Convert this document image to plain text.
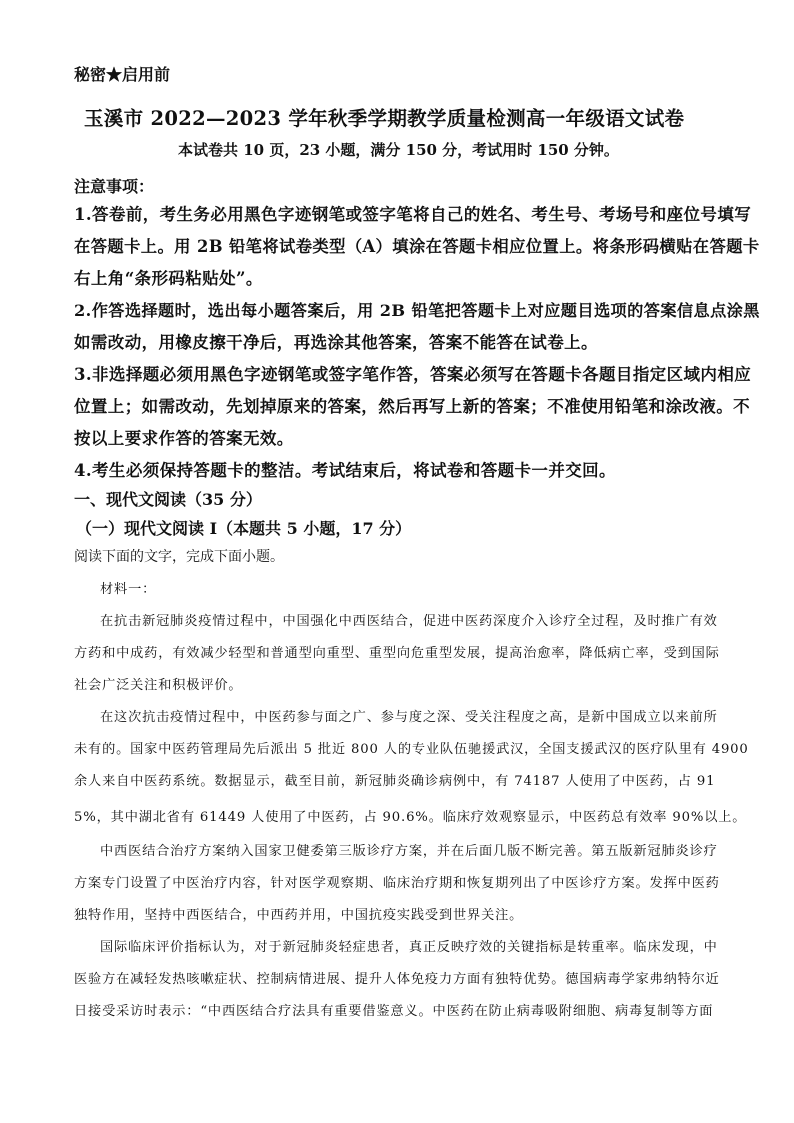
秘密★启用前
玉溪市 2022—2023 学年秋季学期教学质量检测高一年级语文试卷
本试卷共 10 页，23 小题，满分 150 分，考试用时 150 分钟。
注意事项：
1.答卷前，考生务必用黑色字迹钢笔或签字笔将自己的姓名、考生号、考场号和座位号填写
在答题卡上。用 2B 铅笔将试卷类型（A）填涂在答题卡相应位置上。将条形码横贴在答题卡
右上角“条形码粘贴处”。
2.作答选择题时，选出每小题答案后，用 2B 铅笔把答题卡上对应题目选项的答案信息点涂黑
如需改动，用橡皮擦干净后，再选涂其他答案，答案不能答在试卷上。
3.非选择题必须用黑色字迹钢笔或签字笔作答，答案必须写在答题卡各题目指定区域内相应
位置上；如需改动，先划掉原来的答案，然后再写上新的答案；不准使用铅笔和涂改液。不
按以上要求作答的答案无效。
4.考生必须保持答题卡的整洁。考试结束后，将试卷和答题卡一并交回。
一、现代文阅读（35 分）
（一）现代文阅读 I（本题共 5 小题，17 分）
阅读下面的文字，完成下面小题。
材料一：
在抗击新冠肺炎疫情过程中，中国强化中西医结合，促进中医药深度介入诊疗全过程，及时推广有效
方药和中成药，有效减少轻型和普通型向重型、重型向危重型发展，提高治愈率，降低病亡率，受到国际
社会广泛关注和积极评价。
在这次抗击疫情过程中，中医药参与面之广、参与度之深、受关注程度之高，是新中国成立以来前所
未有的。国家中医药管理局先后派出 5 批近 800 人的专业队伍驰援武汉，全国支援武汉的医疗队里有 4900
余人来自中医药系统。数据显示，截至目前，新冠肺炎确诊病例中，有 74187 人使用了中医药，占 91
5%，其中湖北省有 61449 人使用了中医药，占 90.6%。临床疗效观察显示，中医药总有效率 90%以上。
中西医结合治疗方案纳入国家卫健委第三版诊疗方案，并在后面几版不断完善。第五版新冠肺炎诊疗
方案专门设置了中医治疗内容，针对医学观察期、临床治疗期和恢复期列出了中医诊疗方案。发挥中医药
独特作用，坚持中西医结合，中西药并用，中国抗疫实践受到世界关注。
国际临床评价指标认为，对于新冠肺炎轻症患者，真正反映疗效的关键指标是转重率。临床发现，中
医验方在减轻发热咳嗽症状、控制病情进展、提升人体免疫力方面有独特优势。德国病毒学家弗纳特尔近
日接受采访时表示：“中西医结合疗法具有重要借鉴意义。中医药在防止病毒吸附细胞、病毒复制等方面
